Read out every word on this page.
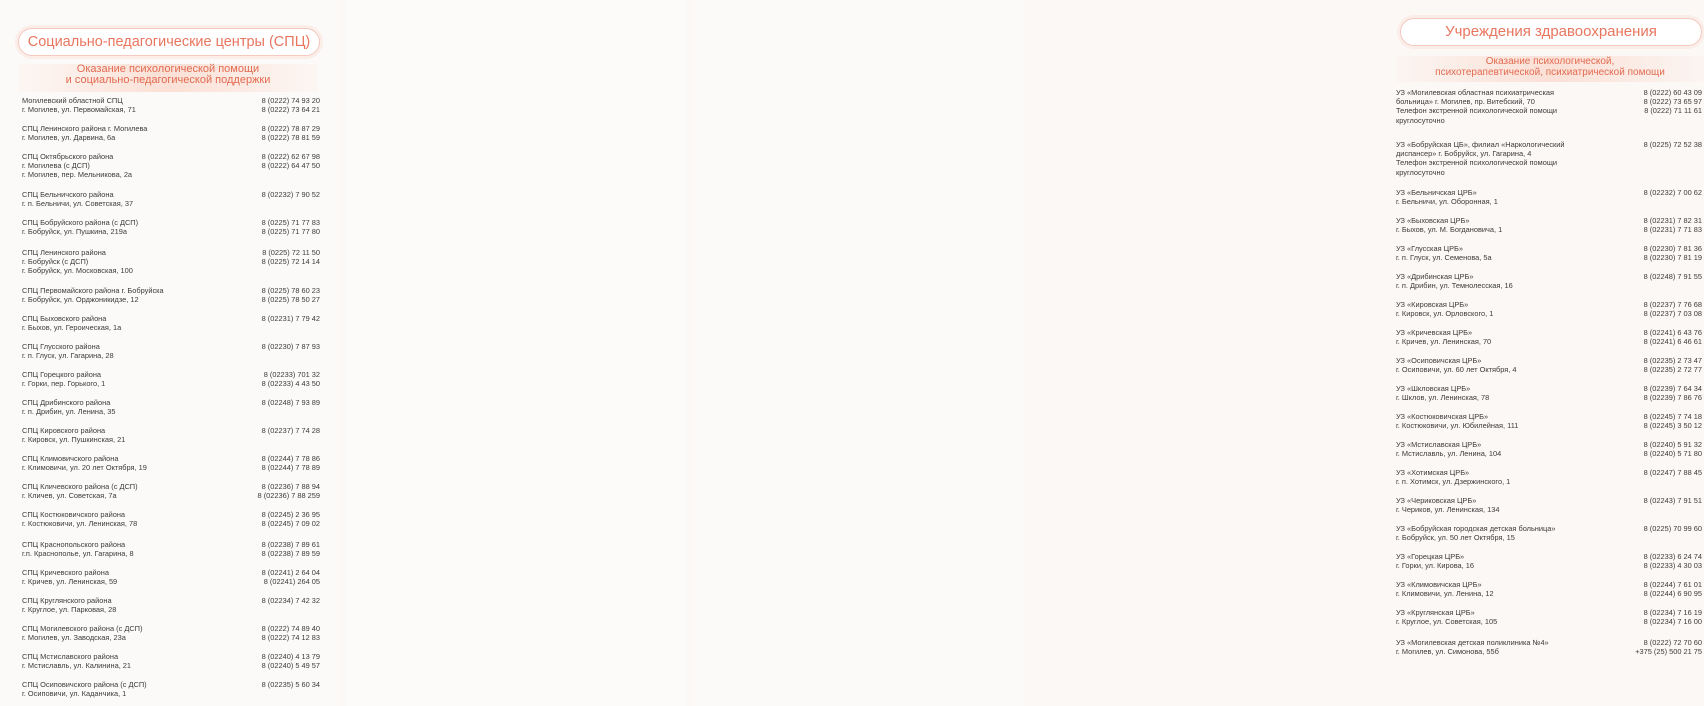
Социально-педагогические центры (СПЦ)
Оказание психологической помощи
и социально-педагогической поддержки
Могилевский областной СПЦ
г. Могилев, ул. Первомайская, 71
8 (0222) 74 93 20
8 (0222) 73 64 21
СПЦ Ленинского района г. Могилева
г. Могилев, ул. Дарвина, 6а
8 (0222) 78 87 29
8 (0222) 78 81 59
СПЦ Октябрьского района
г. Могилева (с ДСП)
г. Могилев, пер. Мельникова, 2а
8 (0222) 62 67 98
8 (0222) 64 47 50
СПЦ Бельничского района
г. п. Бельничи, ул. Советская, 37
8 (02232) 7 90 52
СПЦ Бобруйского района (с ДСП)
г. Бобруйск, ул. Пушкина, 219а
8 (0225) 71 77 83
8 (0225) 71 77 80
СПЦ Ленинского района
г. Бобруйск (с ДСП)
г. Бобруйск, ул. Московская, 100
8 (0225) 72 11 50
8 (0225) 72 14 14
СПЦ Первомайского района г. Бобруйска
г. Бобруйск, ул. Орджоникидзе, 12
8 (0225) 78 60 23
8 (0225) 78 50 27
СПЦ Быховского района
г. Быхов, ул. Героическая, 1а
8 (02231) 7 79 42
СПЦ Глусского района
г. п. Глуск, ул. Гагарина, 28
8 (02230) 7 87 93
СПЦ Горецкого района
г. Горки, пер. Горького, 1
8 (02233) 701 32
8 (02233) 4 43 50
СПЦ Дрибинского района
г. п. Дрибин, ул. Ленина, 35
8 (02248) 7 93 89
СПЦ Кировского района
г. Кировск, ул. Пушкинская, 21
8 (02237) 7 74 28
СПЦ Климовичского района
г. Климовичи, ул. 20 лет Октября, 19
8 (02244) 7 78 86
8 (02244) 7 78 89
СПЦ Кличевского района (с ДСП)
г. Кличев, ул. Советская, 7а
8 (02236) 7 88 94
8 (02236) 7 88 259
СПЦ Костюковичского района
г. Костюковичи, ул. Ленинская, 78
8 (02245) 2 36 95
8 (02245) 7 09 02
СПЦ Краснопольского района
г.п. Краснополье, ул. Гагарина, 8
8 (02238) 7 89 61
8 (02238) 7 89 59
СПЦ Кричевского района
г. Кричев, ул. Ленинская, 59
8 (02241) 2 64 04
8 (02241) 264 05
СПЦ Круглянского района
г. Круглое, ул. Парковая, 28
8 (02234) 7 42 32
СПЦ Могилевского района (с ДСП)
г. Могилев, ул. Заводская, 23а
8 (0222) 74 89 40
8 (0222) 74 12 83
СПЦ Мстиславского района
г. Мстиславль, ул. Калинина, 21
8 (02240) 4 13 79
8 (02240) 5 49 57
СПЦ Осиповичского района (с ДСП)
г. Осиповичи, ул. Каданчика, 1
8 (02235) 5 60 34
Учреждения здравоохранения
Оказание психологической,
психотерапевтической, психиатрической помощи
УЗ «Могилевская областная психиатрическая
больница» г. Могилев, пр. Витебский, 70
Телефон экстренной психологической помощи
круглосуточно
8 (0222) 60 43 09
8 (0222) 73 65 97
8 (0222) 71 11 61
УЗ «Бобруйская ЦБ», филиал «Наркологический
диспансер» г. Бобруйск, ул. Гагарина, 4
Телефон экстренной психологической помощи
круглосуточно
8 (0225) 72 52 38
УЗ «Бельничская ЦРБ»
г. Бельничи, ул. Оборонная, 1
8 (02232) 7 00 62
УЗ «Быховская ЦРБ»
г. Быхов, ул. М. Богдановича, 1
8 (02231) 7 82 31
8 (02231) 7 71 83
УЗ «Глусская ЦРБ»
г. п. Глуск, ул. Семенова, 5а
8 (02230) 7 81 36
8 (02230) 7 81 19
УЗ «Дрибинская ЦРБ»
г. п. Дрибин, ул. Темнолесская, 16
8 (02248) 7 91 55
УЗ «Кировская ЦРБ»
г. Кировск, ул. Орловского, 1
8 (02237) 7 76 68
8 (02237) 7 03 08
УЗ «Кричевская ЦРБ»
г. Кричев, ул. Ленинская, 70
8 (02241) 6 43 76
8 (02241) 6 46 61
УЗ «Осиповичская ЦРБ»
г. Осиповичи, ул. 60 лет Октября, 4
8 (02235) 2 73 47
8 (02235) 2 72 77
УЗ «Шкловская ЦРБ»
г. Шклов, ул. Ленинская, 78
8 (02239) 7 64 34
8 (02239) 7 86 76
УЗ «Костюковичская ЦРБ»
г. Костюковичи, ул. Юбилейная, 111
8 (02245) 7 74 18
8 (02245) 3 50 12
УЗ «Мстиславская ЦРБ»
г. Мстиславль, ул. Ленина, 104
8 (02240) 5 91 32
8 (02240) 5 71 80
УЗ «Хотимская ЦРБ»
г. п. Хотимск, ул. Дзержинского, 1
8 (02247) 7 88 45
УЗ «Чериковская ЦРБ»
г. Чериков, ул. Ленинская, 134
8 (02243) 7 91 51
УЗ «Бобруйская городская детская больница»
г. Бобруйск, ул. 50 лет Октября, 15
8 (0225) 70 99 60
УЗ «Горецкая ЦРБ»
г. Горки, ул. Кирова, 16
8 (02233) 6 24 74
8 (02233) 4 30 03
УЗ «Климовичская ЦРБ»
г. Климовичи, ул. Ленина, 12
8 (02244) 7 61 01
8 (02244) 6 90 95
УЗ «Круглянская ЦРБ»
г. Круглое, ул. Советская, 105
8 (02234) 7 16 19
8 (02234) 7 16 00
УЗ «Могилевская детская поликлиника №4»
г. Могилев, ул. Симонова, 55б
8 (0222) 72 70 60
+375 (25) 500 21 75
